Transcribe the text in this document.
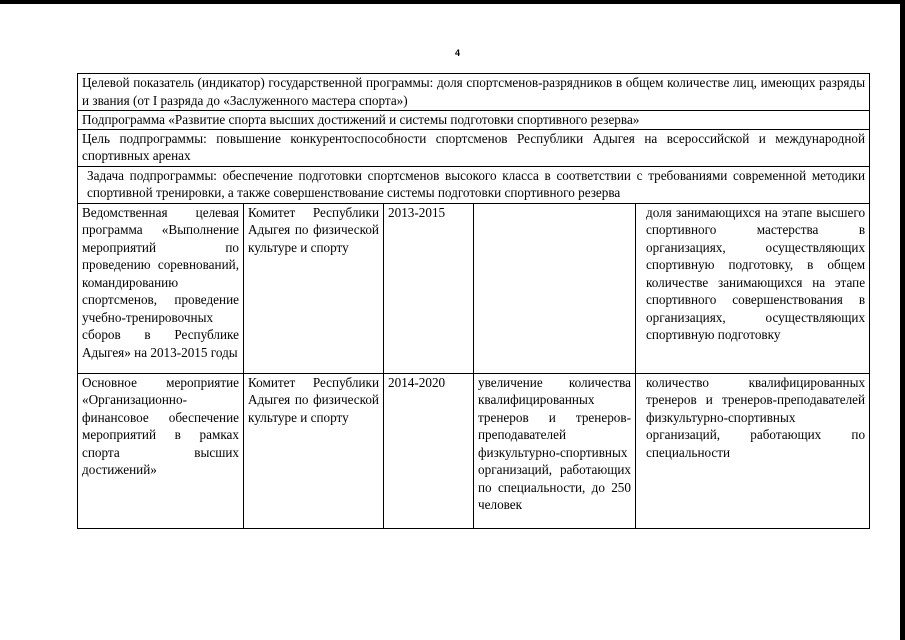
4
Целевой показатель (индикатор) государственной программы: доля спортсменов-разрядников в общем количестве лиц, имеющих разряды и звания (от I разряда до «Заслуженного мастера спорта»)				
Подпрограмма «Развитие спорта высших достижений и системы подготовки спортивного резерва»				
Цель подпрограммы: повышение конкурентоспособности спортсменов Республики Адыгея на всероссийской и международной спортивных аренах				
Задача подпрограммы: обеспечение подготовки спортсменов высокого класса в соответствии с требованиями современной методики спортивной тренировки, а также совершенствование системы подготовки спортивного резерва				
Ведомственная целевая программа «Выполнение мероприятий по проведению соревнований, командированию спортсменов, проведение учебно-тренировочных сборов в Республике Адыгея» на 2013-2015 годы	Комитет Республики Адыгея по физической культуре и спорту	2013-2015		доля занимающихся на этапе высшего спортивного мастерства в организациях, осуществляющих спортивную подготовку, в общем количестве занимающихся на этапе спортивного совершенствования в организациях, осуществляющих спортивную подготовку
Основное мероприятие «Организационно-финансовое обеспечение мероприятий в рамках спорта высших достижений»	Комитет Республики Адыгея по физической культуре и спорту	2014-2020	увеличение количества квалифицированных тренеров и тренеров-преподавателей физкультурно-спортивных организаций, работающих по специальности, до 250 человек	количество квалифицированных тренеров и тренеров-преподавателей физкультурно-спортивных организаций, работающих по специальности
